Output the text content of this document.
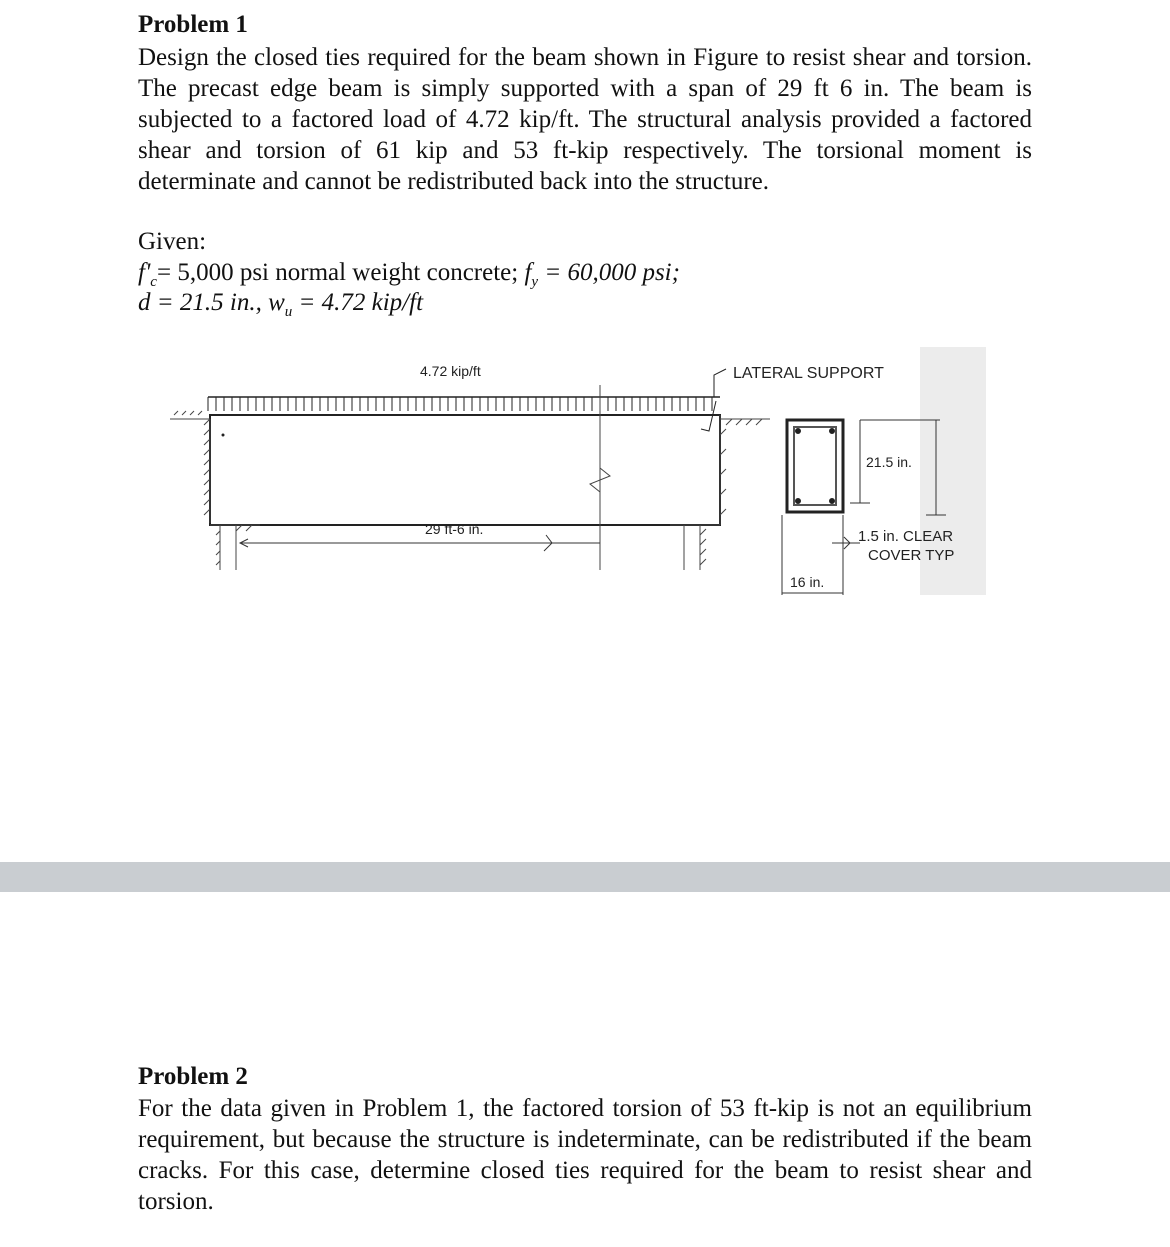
Problem 1
Design the closed ties required for the beam shown in Figure to resist shear and torsion. The precast edge beam is simply supported with a span of 29 ft 6 in. The beam is subjected to a factored load of 4.72 kip/ft. The structural analysis provided a factored shear and torsion of 61 kip and 53 ft-kip respectively. The torsional moment is determinate and cannot be redistributed back into the structure.
Given:
$f'_c= 5,000$ psi normal weight concrete; $f_y = 60,000$ psi;
d = 21.5 in., $w_u = 4.72$ kip/ft
4.72 kip/ft	LATERAL SUPPORT
29 ft-6 in.
21.5 in.
1.5 in. CLEAR
COVER TYP
16 in.
Problem 2
For the data given in Problem 1, the factored torsion of 53 ft-kip is not an equilibrium requirement, but because the structure is indeterminate, can be redistributed if the beam cracks. For this case, determine closed ties required for the beam to resist shear and torsion.
